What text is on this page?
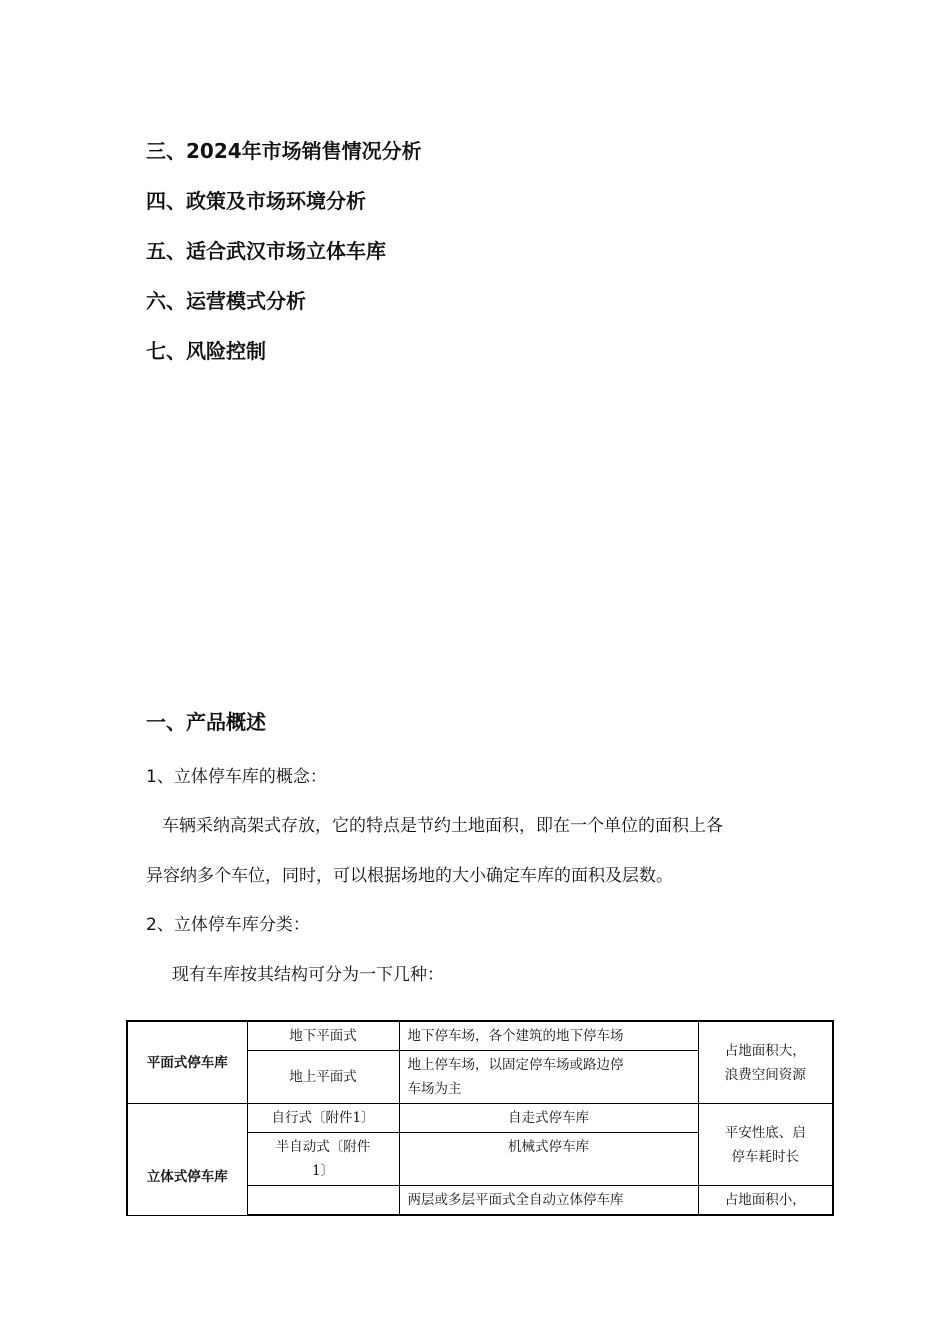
三、2024年市场销售情况分析
四、政策及市场环境分析
五、适合武汉市场立体车库
六、运营模式分析
七、风险控制
一、产品概述
1、立体停车库的概念：
车辆采纳高架式存放，它的特点是节约土地面积，即在一个单位的面积上各
异容纳多个车位，同时，可以根据场地的大小确定车库的面积及层数。
2、立体停车库分类：
现有车库按其结构可分为一下几种：
平面式停车库	地下平面式	地下停车场，各个建筑的地下停车场	占地面积大，
浪费空间资源

	地上平面式	地上停车场，以固定停车场或路边停
车场为主	

立体式停车库	自行式〔附件1〕	自走式停车库	平安性底、启
停车耗时长

	半自动式〔附件
1〕	机械式停车库	
		两层或多层平面式全自动立体停车库	占地面积小，
